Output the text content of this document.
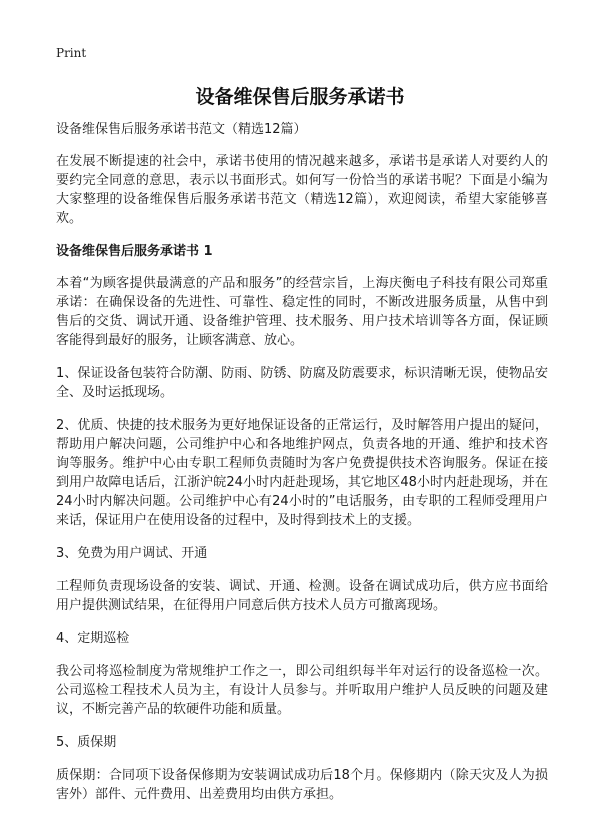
Print
设备维保售后服务承诺书

设备维保售后服务承诺书范文（精选12篇）

在发展不断提速的社会中，承诺书使用的情况越来越多，承诺书是承诺人对要约人的要约完全同意的意思，表示以书面形式。如何写一份恰当的承诺书呢？下面是小编为大家整理的设备维保售后服务承诺书范文（精选12篇），欢迎阅读，希望大家能够喜欢。

设备维保售后服务承诺书 1

本着“为顾客提供最满意的产品和服务”的经营宗旨，上海庆衡电子科技有限公司郑重承诺：在确保设备的先进性、可靠性、稳定性的同时，不断改进服务质量，从售中到售后的交货、调试开通、设备维护管理、技术服务、用户技术培训等各方面，保证顾客能得到最好的服务，让顾客满意、放心。

1、保证设备包装符合防潮、防雨、防锈、防腐及防震要求，标识清晰无误，使物品安全、及时运抵现场。

2、优质、快捷的技术服务为更好地保证设备的正常运行，及时解答用户提出的疑问，帮助用户解决问题，公司维护中心和各地维护网点，负责各地的开通、维护和技术咨询等服务。维护中心由专职工程师负责随时为客户免费提供技术咨询服务。保证在接到用户故障电话后，江浙沪皖24小时内赶赴现场，其它地区48小时内赶赴现场，并在24小时内解决问题。公司维护中心有24小时的”电话服务，由专职的工程师受理用户来话，保证用户在使用设备的过程中，及时得到技术上的支援。

3、免费为用户调试、开通

工程师负责现场设备的安装、调试、开通、检测。设备在调试成功后，供方应书面给用户提供测试结果，在征得用户同意后供方技术人员方可撤离现场。

4、定期巡检

我公司将巡检制度为常规维护工作之一，即公司组织每半年对运行的设备巡检一次。公司巡检工程技术人员为主，有设计人员参与。并听取用户维护人员反映的问题及建议，不断完善产品的软硬件功能和质量。

5、质保期

质保期：合同项下设备保修期为安装调试成功后18个月。保修期内（除天灾及人为损害外）部件、元件费用、出差费用均由供方承担。
